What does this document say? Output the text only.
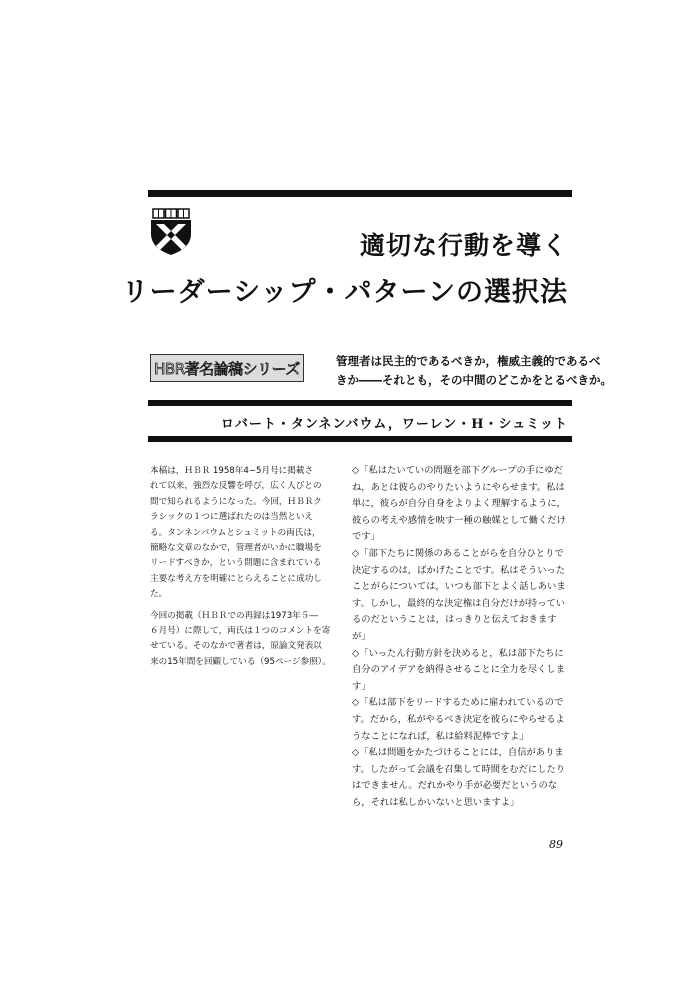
適切な行動を導く
リーダーシップ・パターンの選択法
HBR著名論稿シリーズ	管理者は民主的であるべきか，権威主義的であるべ
きか――それとも，その中間のどこかをとるべきか。
ロバート・タンネンバウム，ワーレン・H・シュミット
本稿は，ＨＢＲ 1958年4−5月号に掲載さ
れて以来，強烈な反響を呼び，広く人びとの
間で知られるようになった。今回，ＨＢＲク
ラシックの１つに選ばれたのは当然といえ
る。タンネンバウムとシュミットの両氏は，
簡略な文章のなかで，管理者がいかに職場を
リードすべきか，という問題に含まれている
主要な考え方を明確にとらえることに成功し
た。
今回の掲載（ＨＢＲでの再録は1973年５―
６月号）に際して，両氏は１つのコメントを寄
せている。そのなかで著者は，原論文発表以
来の15年間を回顧している（95ページ参照）。
◇「私はたいていの問題を部下グループの手にゆだ
ね，あとは彼らのやりたいようにやらせます。私は
単に，彼らが自分自身をよりよく理解するように，
彼らの考えや感情を映す一種の触媒として働くだけ
です」
◇「部下たちに関係のあることがらを自分ひとりで
決定するのは，ばかげたことです。私はそういった
ことがらについては，いつも部下とよく話しあいま
す。しかし，最終的な決定権は自分だけが持ってい
るのだということは，はっきりと伝えておきます
が」
◇「いったん行動方針を決めると，私は部下たちに
自分のアイデアを納得させることに全力を尽くしま
す」
◇「私は部下をリードするために雇われているので
す。だから，私がやるべき決定を彼らにやらせるよ
うなことになれば，私は給料泥棒ですよ」
◇「私は問題をかたづけることには，自信がありま
す。したがって会議を召集して時間をむだにしたり
はできません。だれかやり手が必要だというのな
ら，それは私しかいないと思いますよ」
89
